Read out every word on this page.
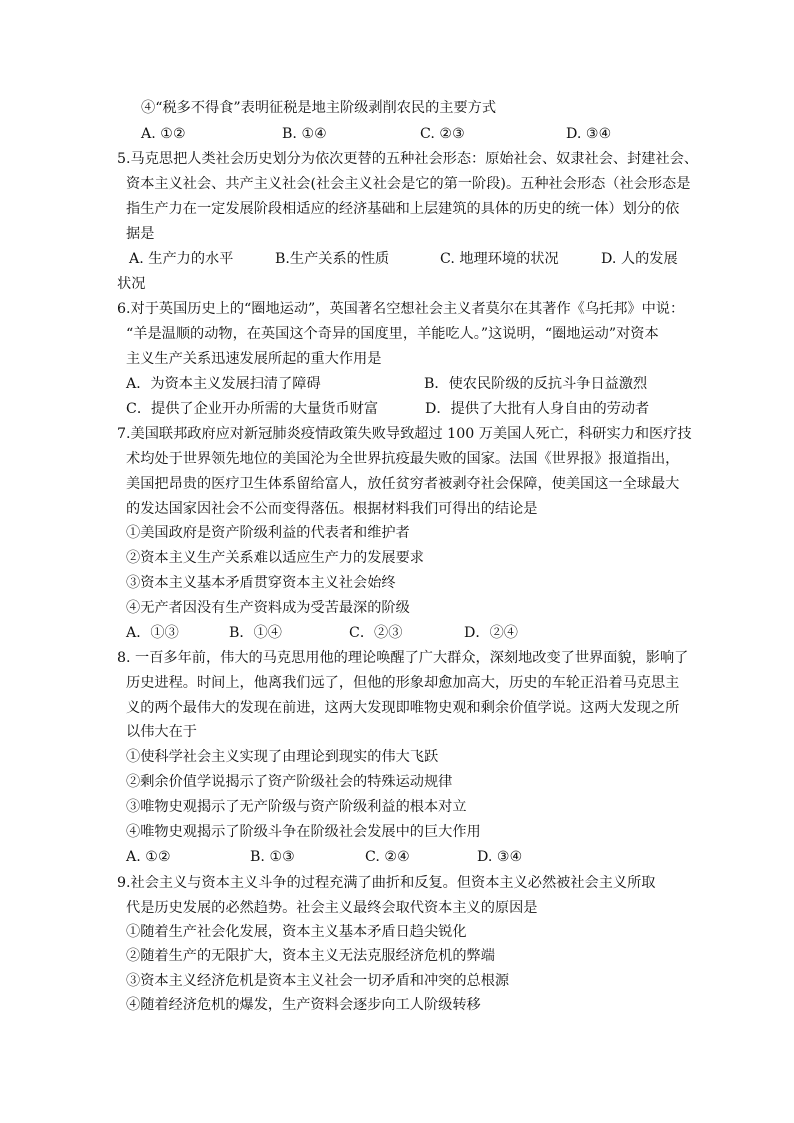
④“税多不得食”表明征税是地主阶级剥削农民的主要方式
A. ①②	B. ①④	C. ②③	D. ③④
5.马克思把人类社会历史划分为依次更替的五种社会形态：原始社会、奴隶社会、封建社会、
资本主义社会、共产主义社会(社会主义社会是它的第一阶段)。五种社会形态（社会形态是
指生产力在一定发展阶段相适应的经济基础和上层建筑的具体的历史的统一体）划分的依
据是
A. 生产力的水平	B.生产关系的性质	C. 地理环境的状况	D. 人的发展
状况
6.对于英国历史上的“圈地运动”，英国著名空想社会主义者莫尔在其著作《乌托邦》中说：
“羊是温顺的动物，在英国这个奇异的国度里，羊能吃人。”这说明，“圈地运动”对资本
主义生产关系迅速发展所起的重大作用是
A．为资本主义发展扫清了障碍	B．使农民阶级的反抗斗争日益激烈
C．提供了企业开办所需的大量货币财富	D．提供了大批有人身自由的劳动者
7.美国联邦政府应对新冠肺炎疫情政策失败导致超过 100 万美国人死亡，科研实力和医疗技
术均处于世界领先地位的美国沦为全世界抗疫最失败的国家。法国《世界报》报道指出，
美国把昂贵的医疗卫生体系留给富人，放任贫穷者被剥夺社会保障，使美国这一全球最大
的发达国家因社会不公而变得落伍。根据材料我们可得出的结论是
①美国政府是资产阶级利益的代表者和维护者
②资本主义生产关系难以适应生产力的发展要求
③资本主义基本矛盾贯穿资本主义社会始终
④无产者因没有生产资料成为受苦最深的阶级
A．①③	B．①④	C．②③	D．②④
8. 一百多年前，伟大的马克思用他的理论唤醒了广大群众，深刻地改变了世界面貌，影响了
历史进程。时间上，他离我们远了，但他的形象却愈加高大，历史的车轮正沿着马克思主
义的两个最伟大的发现在前进，这两大发现即唯物史观和剩余价值学说。这两大发现之所
以伟大在于
①使科学社会主义实现了由理论到现实的伟大飞跃
②剩余价值学说揭示了资产阶级社会的特殊运动规律
③唯物史观揭示了无产阶级与资产阶级利益的根本对立
④唯物史观揭示了阶级斗争在阶级社会发展中的巨大作用
A. ①②	B. ①③	C. ②④	D. ③④
9.社会主义与资本主义斗争的过程充满了曲折和反复。但资本主义必然被社会主义所取
代是历史发展的必然趋势。社会主义最终会取代资本主义的原因是
①随着生产社会化发展，资本主义基本矛盾日趋尖锐化
②随着生产的无限扩大，资本主义无法克服经济危机的弊端
③资本主义经济危机是资本主义社会一切矛盾和冲突的总根源
④随着经济危机的爆发，生产资料会逐步向工人阶级转移
